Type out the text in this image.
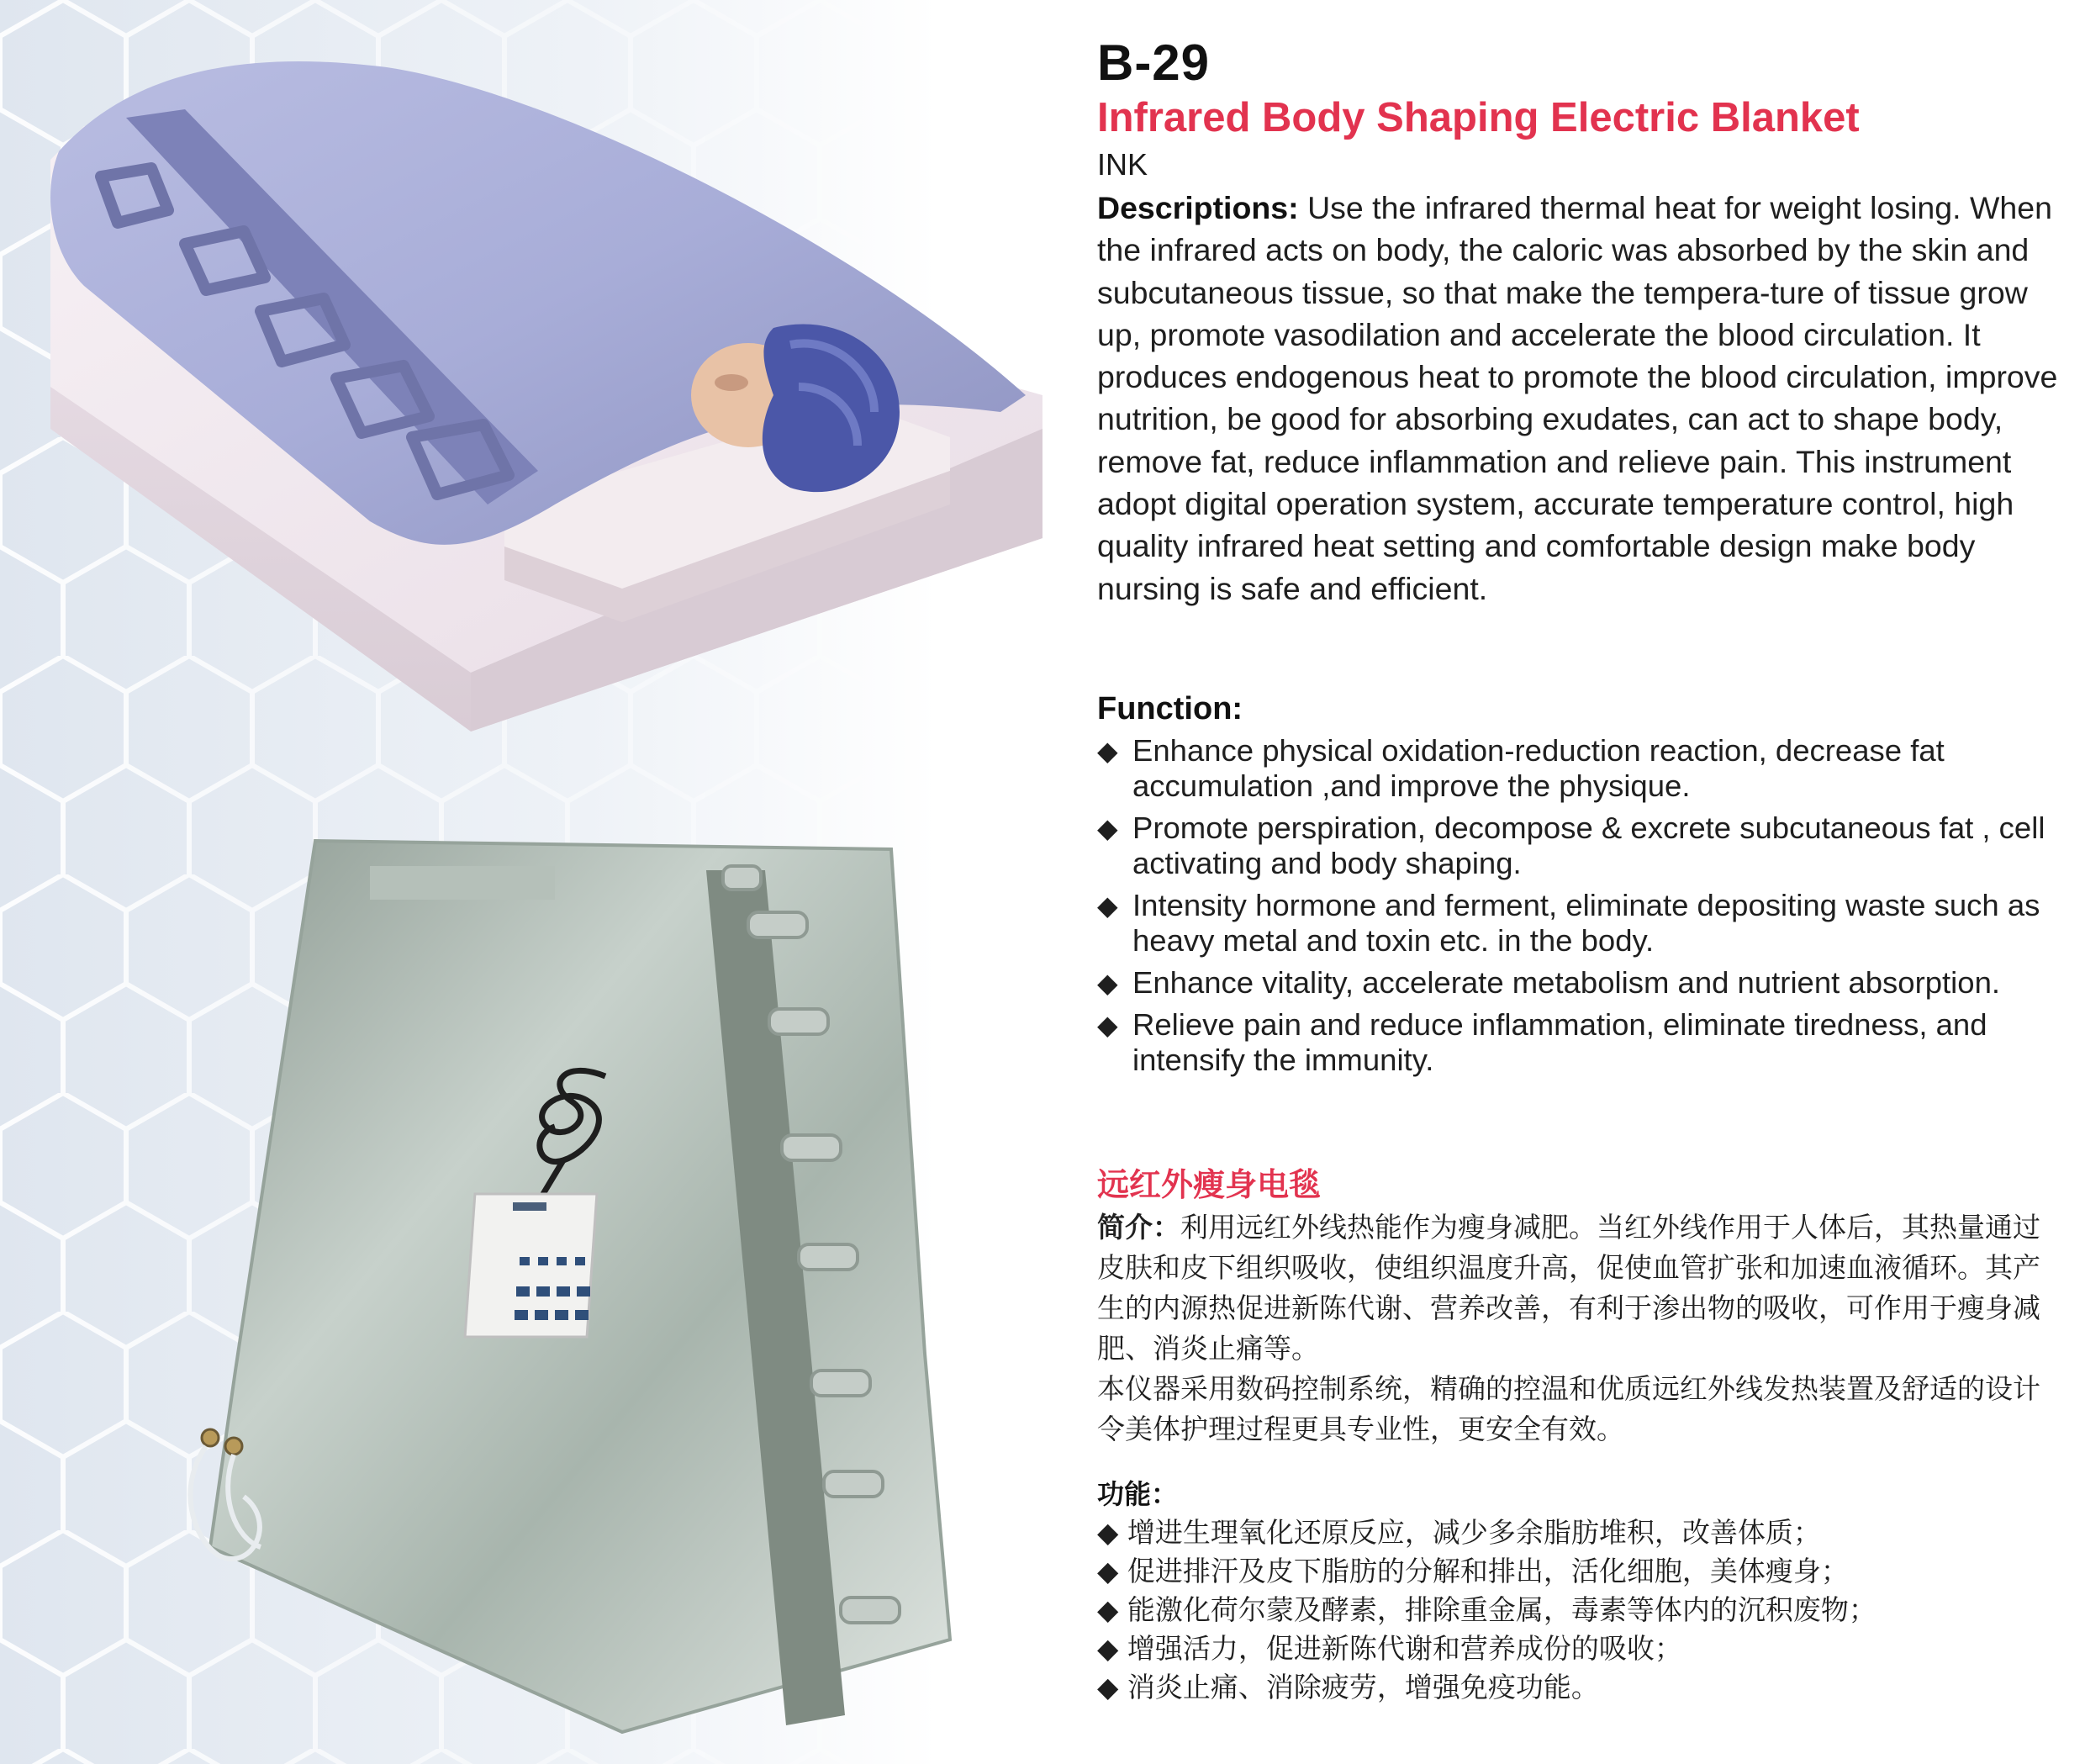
B-29
Infrared Body Shaping Electric Blanket
INK
Descriptions: Use the infrared thermal heat for weight losing. When the infrared acts on body, the caloric was absorbed by the skin and subcutaneous tissue, so that make the tempera-ture of tissue grow up, promote vasodilation and accelerate the blood circulation. It produces endogenous heat to promote the blood circulation, improve nutrition, be good for absorbing exudates, can act to shape body, remove fat, reduce inflammation and relieve pain. This instrument adopt digital operation system, accurate temperature control, high quality infrared heat setting and comfortable design make body nursing is safe and efficient.
Function:
◆ Enhance physical oxidation-reduction reaction, decrease fat accumulation ,and improve the physique.
◆ Promote perspiration, decompose & excrete subcutaneous fat , cell activating and body shaping.
◆ Intensity hormone and ferment, eliminate depositing waste such as heavy metal and toxin etc. in the body.
◆ Enhance vitality, accelerate metabolism and nutrient absorption.
◆ Relieve pain and reduce inflammation, eliminate tiredness, and intensify the immunity.
远红外瘦身电毯
简介：利用远红外线热能作为瘦身减肥。当红外线作用于人体后，其热量通过皮肤和皮下组织吸收，使组织温度升高，促使血管扩张和加速血液循环。其产生的内源热促进新陈代谢、营养改善，有利于渗出物的吸收，可作用于瘦身减肥、消炎止痛等。
本仪器采用数码控制系统，精确的控温和优质远红外线发热装置及舒适的设计令美体护理过程更具专业性，更安全有效。
功能：
◆ 增进生理氧化还原反应，减少多余脂肪堆积，改善体质；
◆ 促进排汗及皮下脂肪的分解和排出，活化细胞，美体瘦身；
◆ 能激化荷尔蒙及酵素，排除重金属，毒素等体内的沉积废物；
◆ 增强活力，促进新陈代谢和营养成份的吸收；
◆ 消炎止痛、消除疲劳，增强免疫功能。
